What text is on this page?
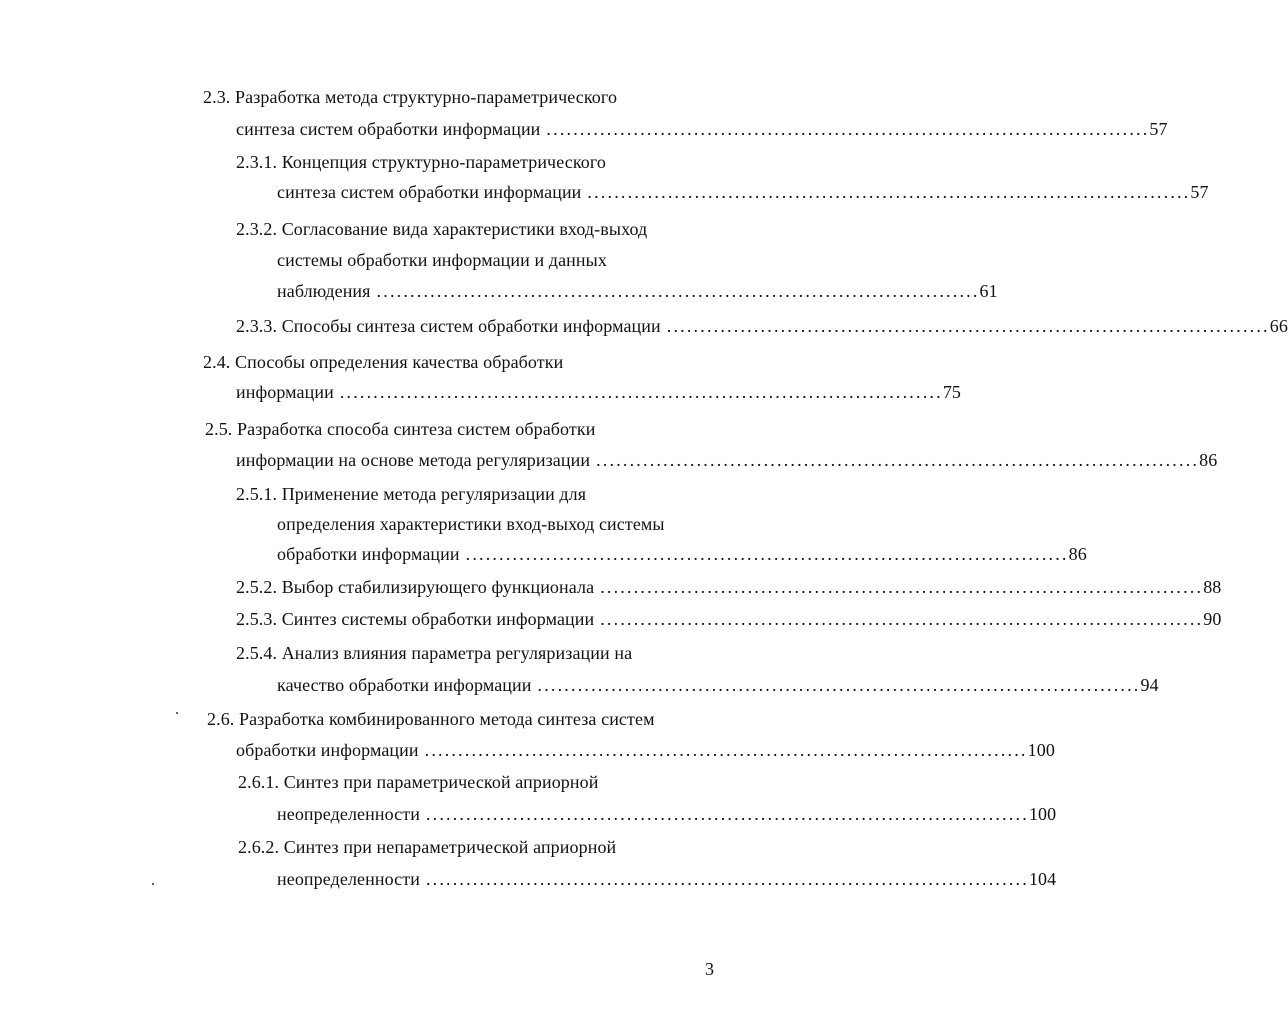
2.3. Разработка метода структурно-параметрического
синтеза систем обработки информации .......................................................................................... 57
2.3.1. Концепция структурно-параметрического
синтеза систем обработки информации .......................................................................................... 57
2.3.2. Согласование вида характеристики вход-выход
системы обработки информации и данных
наблюдения .......................................................................................... 61
2.3.3. Способы синтеза систем обработки информации .......................................................................................... 66
2.4. Способы определения качества обработки
информации .......................................................................................... 75
2.5. Разработка способа синтеза систем обработки
информации на основе метода регуляризации .......................................................................................... 86
2.5.1. Применение метода регуляризации для
определения характеристики вход-выход системы
обработки информации .......................................................................................... 86
2.5.2. Выбор стабилизирующего функционала .......................................................................................... 88
2.5.3. Синтез системы обработки информации .......................................................................................... 90
2.5.4. Анализ влияния параметра регуляризации на
качество обработки информации .......................................................................................... 94
2.6. Разработка комбинированного метода синтеза систем
обработки информации .......................................................................................... 100
2.6.1. Синтез при параметрической априорной
неопределенности .......................................................................................... 100
2.6.2. Синтез при непараметрической априорной
неопределенности .......................................................................................... 104
3
